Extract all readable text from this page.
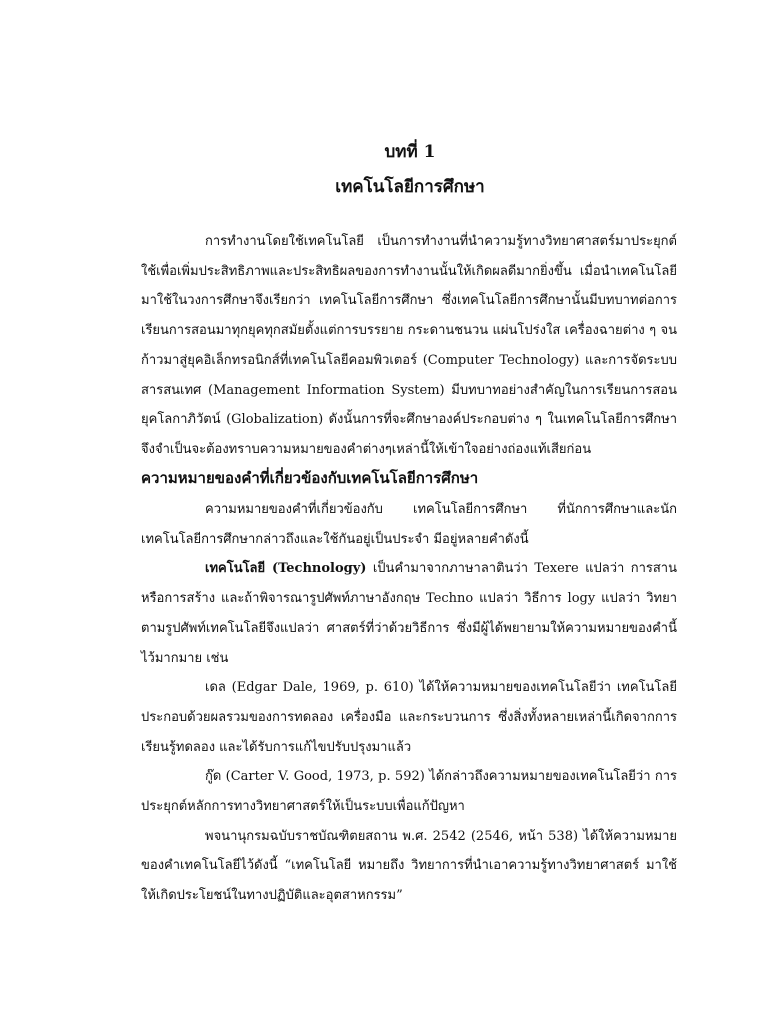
บทที่ 1
เทคโนโลยีการศึกษา

การทำงานโดยใช้เทคโนโลยี เป็นการทำงานที่นำความรู้ทางวิทยาศาสตร์มาประยุกต์ใช้เพื่อเพิ่มประสิทธิภาพและประสิทธิผลของการทำงานนั้นให้เกิดผลดีมากยิ่งขึ้น เมื่อนำเทคโนโลยีมาใช้ในวงการศึกษาจึงเรียกว่า เทคโนโลยีการศึกษา ซึ่งเทคโนโลยีการศึกษานั้นมีบทบาทต่อการเรียนการสอนมาทุกยุคทุกสมัยตั้งแต่การบรรยาย กระดานชนวน แผ่นโปร่งใส เครื่องฉายต่าง ๆ จนก้าวมาสู่ยุคอิเล็กทรอนิกส์ที่เทคโนโลยีคอมพิวเตอร์ (Computer Technology) และการจัดระบบสารสนเทศ (Management Information System) มีบทบาทอย่างสำคัญในการเรียนการสอนยุคโลกาภิวัตน์ (Globalization) ดังนั้นการที่จะศึกษาองค์ประกอบต่าง ๆ ในเทคโนโลยีการศึกษา จึงจำเป็นจะต้องทราบความหมายของคำต่างๆเหล่านี้ให้เข้าใจอย่างถ่องแท้เสียก่อน

ความหมายของคำที่เกี่ยวข้องกับเทคโนโลยีการศึกษา

ความหมายของคำที่เกี่ยวข้องกับ เทคโนโลยีการศึกษา ที่นักการศึกษาและนักเทคโนโลยีการศึกษากล่าวถึงและใช้กันอยู่เป็นประจำ มีอยู่หลายคำดังนี้

เทคโนโลยี (Technology) เป็นคำมาจากภาษาลาตินว่า Texere แปลว่า การสานหรือการสร้าง และถ้าพิจารณารูปศัพท์ภาษาอังกฤษ Techno แปลว่า วิธีการ logy แปลว่า วิทยา ตามรูปศัพท์เทคโนโลยีจึงแปลว่า ศาสตร์ที่ว่าด้วยวิธีการ ซึ่งมีผู้ได้พยายามให้ความหมายของคำนี้ไว้มากมาย เช่น

เดล (Edgar Dale, 1969, p. 610) ได้ให้ความหมายของเทคโนโลยีว่า เทคโนโลยีประกอบด้วยผลรวมของการทดลอง เครื่องมือ และกระบวนการ ซึ่งสิ่งทั้งหลายเหล่านี้เกิดจากการเรียนรู้ทดลอง และได้รับการแก้ไขปรับปรุงมาแล้ว

กู๊ด (Carter V. Good, 1973, p. 592) ได้กล่าวถึงความหมายของเทคโนโลยีว่า การประยุกต์หลักการทางวิทยาศาสตร์ให้เป็นระบบเพื่อแก้ปัญหา

พจนานุกรมฉบับราชบัณฑิตยสถาน พ.ศ. 2542 (2546, หน้า 538) ได้ให้ความหมายของคำเทคโนโลยีไว้ดังนี้ “เทคโนโลยี หมายถึง วิทยาการที่นำเอาความรู้ทางวิทยาศาสตร์ มาใช้ให้เกิดประโยชน์ในทางปฏิบัติและอุตสาหกรรม”
